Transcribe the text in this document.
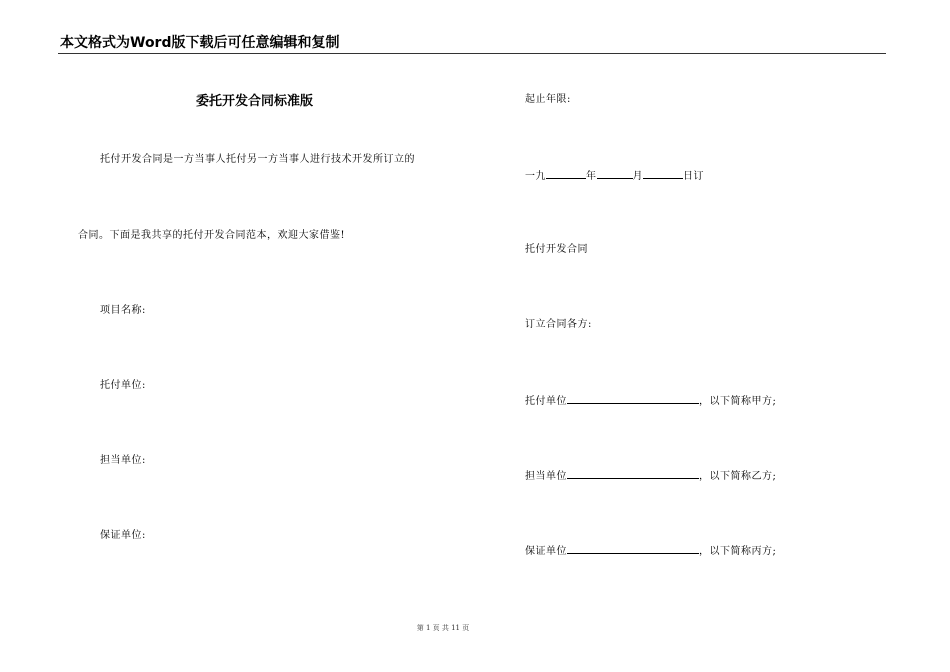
本文格式为Word版下载后可任意编辑和复制
委托开发合同标准版
托付开发合同是一方当事人托付另一方当事人进行技术开发所订立的
合同。下面是我共享的托付开发合同范本，欢迎大家借鉴!
项目名称:
托付单位:
担当单位:
保证单位:
起止年限:
一九	年	月	日订
托付开发合同
订立合同各方:
托付单位	，以下简称甲方;
担当单位	，以下简称乙方;
保证单位	，以下简称丙方;
第 1 页 共 11 页
